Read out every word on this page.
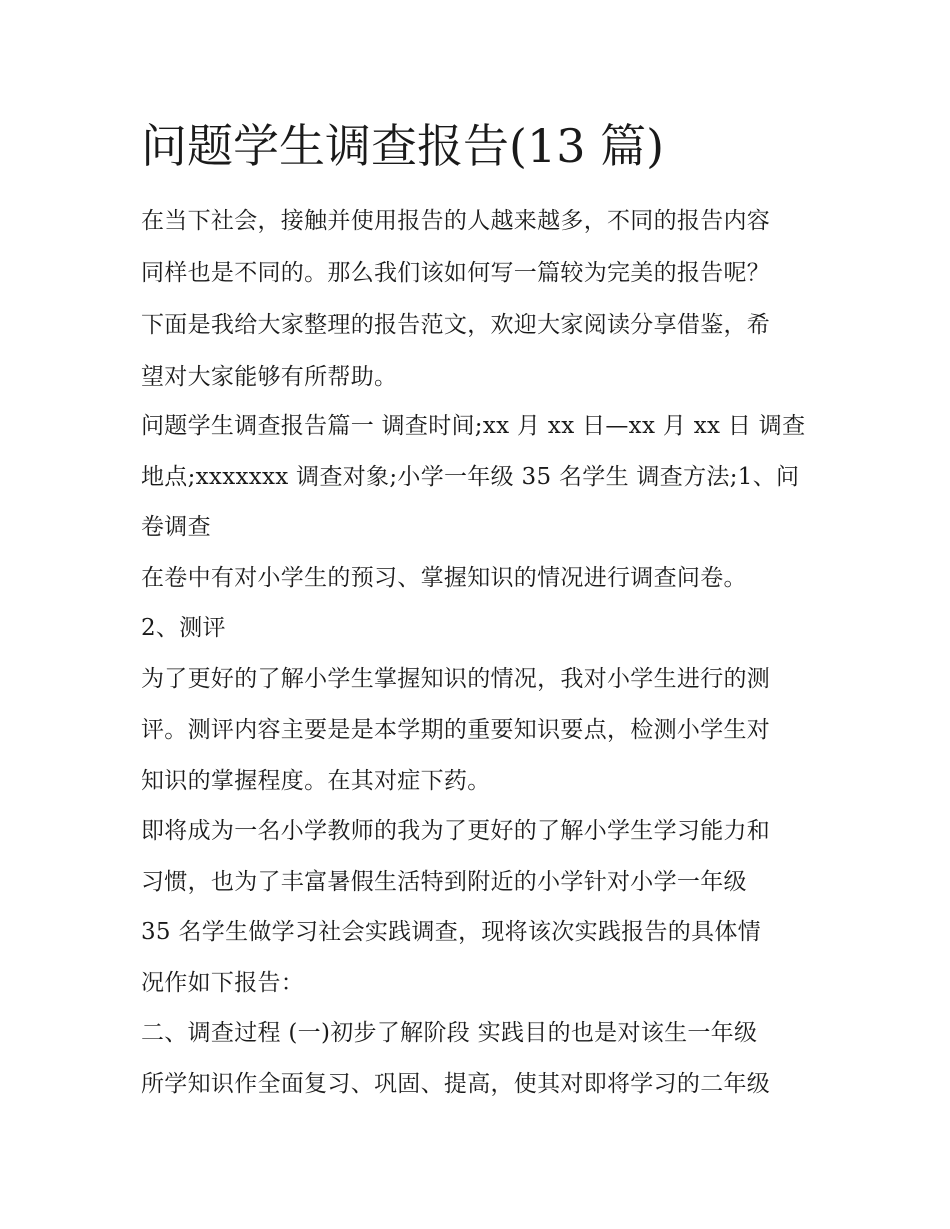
问题学生调查报告(13 篇)
在当下社会，接触并使用报告的人越来越多，不同的报告内容
同样也是不同的。那么我们该如何写一篇较为完美的报告呢？
下面是我给大家整理的报告范文，欢迎大家阅读分享借鉴，希
望对大家能够有所帮助。
问题学生调查报告篇一 调查时间;xx 月 xx 日—xx 月 xx 日 调查
地点;xxxxxxx 调查对象;小学一年级 35 名学生 调查方法;1、问
卷调查
在卷中有对小学生的预习、掌握知识的情况进行调查问卷。
2、测评
为了更好的了解小学生掌握知识的情况，我对小学生进行的测
评。测评内容主要是是本学期的重要知识要点，检测小学生对
知识的掌握程度。在其对症下药。
即将成为一名小学教师的我为了更好的了解小学生学习能力和
习惯，也为了丰富暑假生活特到附近的小学针对小学一年级
35 名学生做学习社会实践调查，现将该次实践报告的具体情
况作如下报告：
二、调查过程 (一)初步了解阶段 实践目的也是对该生一年级
所学知识作全面复习、巩固、提高，使其对即将学习的二年级
